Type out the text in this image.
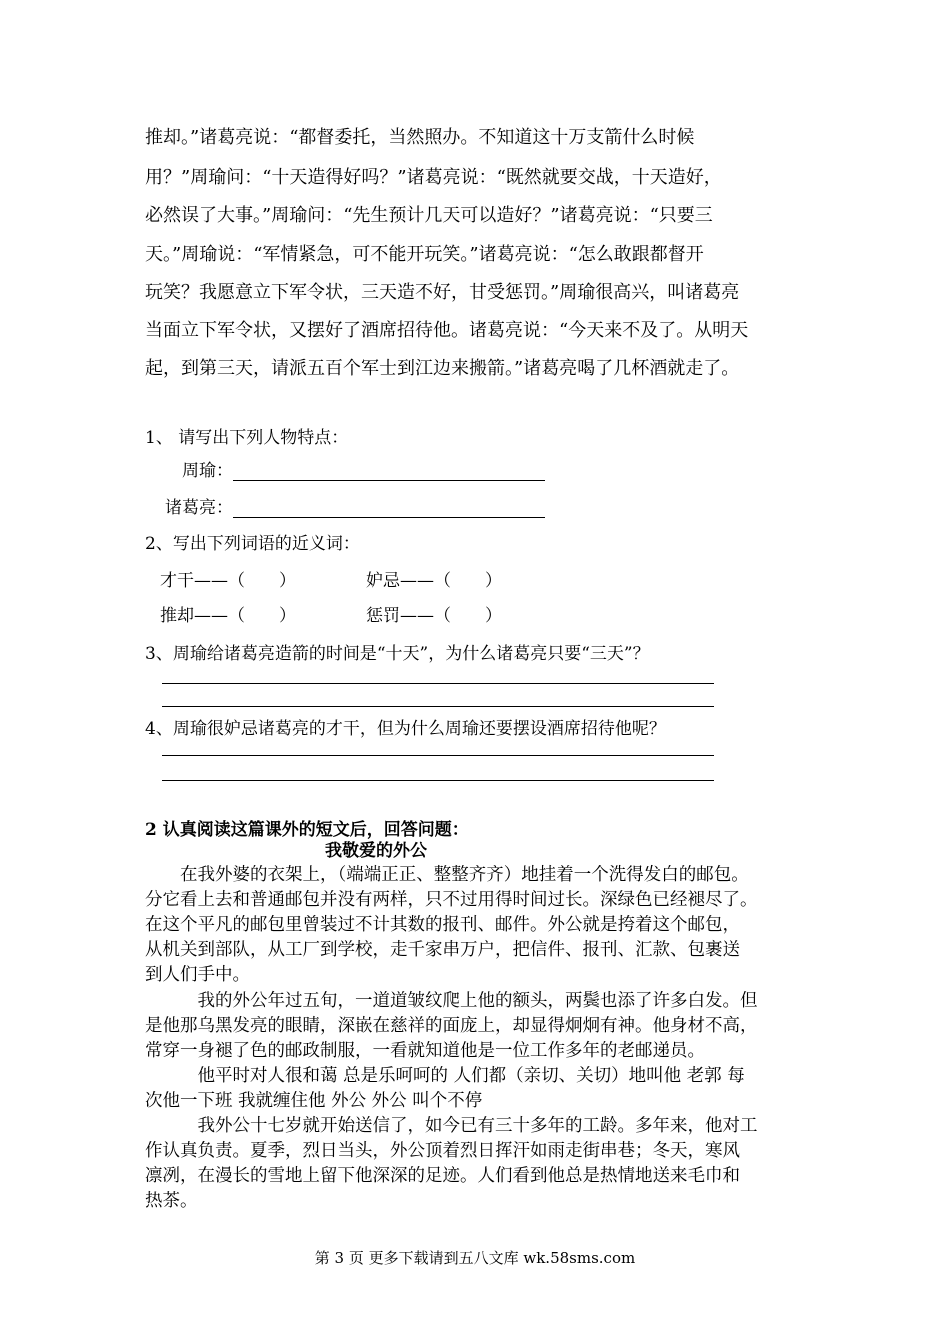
推却。”诸葛亮说：“都督委托，当然照办。不知道这十万支箭什么时候
用？”周瑜问：“十天造得好吗？”诸葛亮说：“既然就要交战，十天造好，
必然误了大事。”周瑜问：“先生预计几天可以造好？”诸葛亮说：“只要三
天。”周瑜说：“军情紧急，可不能开玩笑。”诸葛亮说：“怎么敢跟都督开
玩笑？我愿意立下军令状，三天造不好，甘受惩罚。”周瑜很高兴，叫诸葛亮
当面立下军令状，又摆好了酒席招待他。诸葛亮说：“今天来不及了。从明天
起，到第三天，请派五百个军士到江边来搬箭。”诸葛亮喝了几杯酒就走了。
1、 请写出下列人物特点：
周瑜：
诸葛亮：
2、写出下列词语的近义词：
才干——（　　）	妒忌——（　　）
推却——（　　）	惩罚——（　　）
3、周瑜给诸葛亮造箭的时间是“十天”，为什么诸葛亮只要“三天”？
4、周瑜很妒忌诸葛亮的才干，但为什么周瑜还要摆设酒席招待他呢？
2 认真阅读这篇课外的短文后，回答问题：
我敬爱的外公
　　在我外婆的衣架上，（端端正正、整整齐齐）地挂着一个洗得发白的邮包。
分它看上去和普通邮包并没有两样，只不过用得时间过长。深绿色已经褪尽了。
在这个平凡的邮包里曾装过不计其数的报刊、邮件。外公就是挎着这个邮包，
从机关到部队，从工厂到学校，走千家串万户，把信件、报刊、汇款、包裹送
到人们手中。
　　　我的外公年过五旬，一道道皱纹爬上他的额头，两鬓也添了许多白发。但
是他那乌黑发亮的眼睛，深嵌在慈祥的面庞上，却显得炯炯有神。他身材不高，
常穿一身褪了色的邮政制服，一看就知道他是一位工作多年的老邮递员。
　　　他平时对人很和蔼 总是乐呵呵的 人们都（亲切、关切）地叫他 老郭 每
次他一下班 我就缠住他 外公 外公 叫个不停
　　　我外公十七岁就开始送信了，如今已有三十多年的工龄。多年来，他对工
作认真负责。夏季，烈日当头，外公顶着烈日挥汗如雨走街串巷；冬天，寒风
凛冽，在漫长的雪地上留下他深深的足迹。人们看到他总是热情地送来毛巾和
热茶。
第 3 页 更多下载请到五八文库 wk.58sms.com
